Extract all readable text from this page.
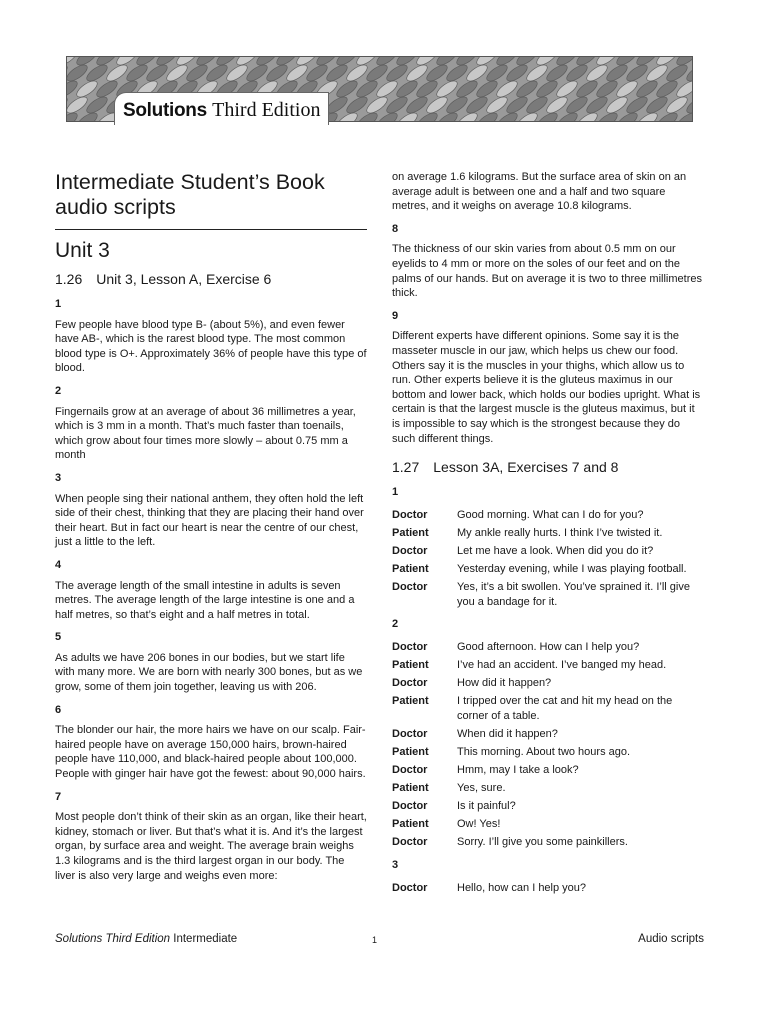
Solutions Third Edition
Intermediate Student’s Book audio scripts
Unit 3
1.26 Unit 3, Lesson A, Exercise 6
1
Few people have blood type B- (about 5%), and even fewer have AB-, which is the rarest blood type. The most common blood type is O+. Approximately 36% of people have this type of blood.
2
Fingernails grow at an average of about 36 millimetres a year, which is 3 mm in a month. That’s much faster than toenails, which grow about four times more slowly – about 0.75 mm a month
3
When people sing their national anthem, they often hold the left side of their chest, thinking that they are placing their hand over their heart. But in fact our heart is near the centre of our chest, just a little to the left.
4
The average length of the small intestine in adults is seven metres. The average length of the large intestine is one and a half metres, so that’s eight and a half metres in total.
5
As adults we have 206 bones in our bodies, but we start life with many more. We are born with nearly 300 bones, but as we grow, some of them join together, leaving us with 206.
6
The blonder our hair, the more hairs we have on our scalp. Fair-haired people have on average 150,000 hairs, brown-haired people have 110,000, and black-haired people about 100,000. People with ginger hair have got the fewest: about 90,000 hairs.
7
Most people don’t think of their skin as an organ, like their heart, kidney, stomach or liver. But that’s what it is. And it’s the largest organ, by surface area and weight. The average brain weighs 1.3 kilograms and is the third largest organ in our body. The liver is also very large and weighs even more:
on average 1.6 kilograms. But the surface area of skin on an average adult is between one and a half and two square metres, and it weighs on average 10.8 kilograms.
8
The thickness of our skin varies from about 0.5 mm on our eyelids to 4 mm or more on the soles of our feet and on the palms of our hands. But on average it is two to three millimetres thick.
9
Different experts have different opinions. Some say it is the masseter muscle in our jaw, which helps us chew our food. Others say it is the muscles in your thighs, which allow us to run. Other experts believe it is the gluteus maximus in our bottom and lower back, which holds our bodies upright. What is certain is that the largest muscle is the gluteus maximus, but it is impossible to say which is the strongest because they do such different things.
1.27 Lesson 3A, Exercises 7 and 8
1
Doctor	Good morning. What can I do for you?
Patient	My ankle really hurts. I think I’ve twisted it.
Doctor	Let me have a look. When did you do it?
Patient	Yesterday evening, while I was playing football.
Doctor	Yes, it’s a bit swollen. You’ve sprained it. I’ll give you a bandage for it.
2
Doctor	Good afternoon. How can I help you?
Patient	I’ve had an accident. I’ve banged my head.
Doctor	How did it happen?
Patient	I tripped over the cat and hit my head on the corner of a table.
Doctor	When did it happen?
Patient	This morning. About two hours ago.
Doctor	Hmm, may I take a look?
Patient	Yes, sure.
Doctor	Is it painful?
Patient	Ow! Yes!
Doctor	Sorry. I’ll give you some painkillers.
3
Doctor	Hello, how can I help you?
Solutions Third Edition Intermediate	1	Audio scripts
